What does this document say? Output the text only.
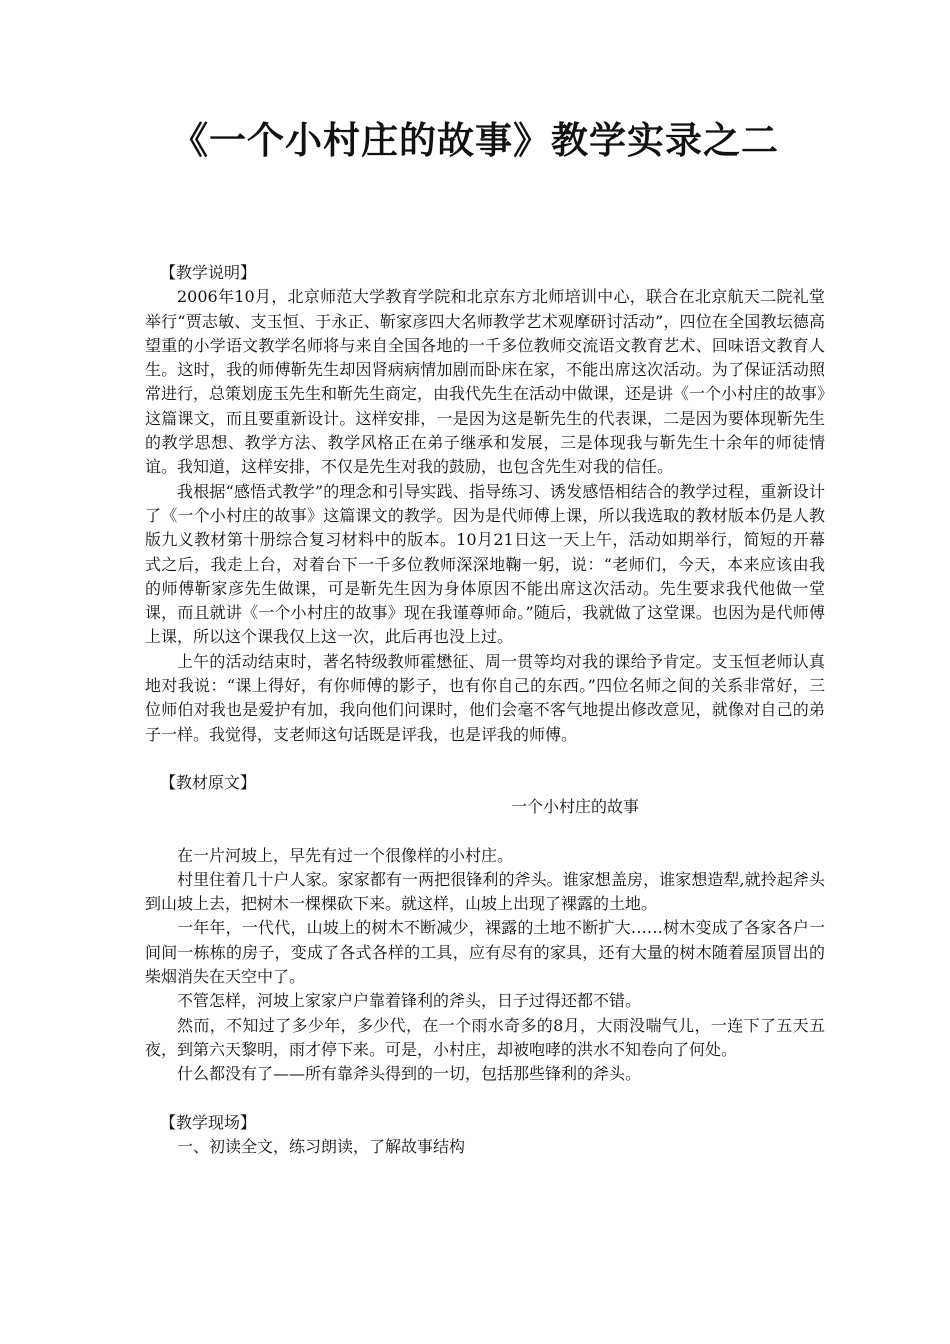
《一个小村庄的故事》教学实录之二

【教学说明】

2006年10月，北京师范大学教育学院和北京东方北师培训中心，联合在北京航天二院礼堂举行“贾志敏、支玉恒、于永正、靳家彦四大名师教学艺术观摩研讨活动”，四位在全国教坛德高望重的小学语文教学名师将与来自全国各地的一千多位教师交流语文教育艺术、回味语文教育人生。这时，我的师傅靳先生却因肾病病情加剧而卧床在家，不能出席这次活动。为了保证活动照常进行，总策划庞玉先生和靳先生商定，由我代先生在活动中做课，还是讲《一个小村庄的故事》这篇课文，而且要重新设计。这样安排，一是因为这是靳先生的代表课，二是因为要体现靳先生的教学思想、教学方法、教学风格正在弟子继承和发展，三是体现我与靳先生十余年的师徒情谊。我知道，这样安排，不仅是先生对我的鼓励，也包含先生对我的信任。

我根据“感悟式教学”的理念和引导实践、指导练习、诱发感悟相结合的教学过程，重新设计了《一个小村庄的故事》这篇课文的教学。因为是代师傅上课，所以我选取的教材版本仍是人教版九义教材第十册综合复习材料中的版本。10月21日这一天上午，活动如期举行，简短的开幕式之后，我走上台，对着台下一千多位教师深深地鞠一躬，说：“老师们，今天，本来应该由我的师傅靳家彦先生做课，可是靳先生因为身体原因不能出席这次活动。先生要求我代他做一堂课，而且就讲《一个小村庄的故事》现在我谨尊师命。”随后，我就做了这堂课。也因为是代师傅上课，所以这个课我仅上这一次，此后再也没上过。

上午的活动结束时，著名特级教师霍懋征、周一贯等均对我的课给予肯定。支玉恒老师认真地对我说：“课上得好，有你师傅的影子，也有你自己的东西。”四位名师之间的关系非常好，三位师伯对我也是爱护有加，我向他们问课时，他们会毫不客气地提出修改意见，就像对自己的弟子一样。我觉得，支老师这句话既是评我，也是评我的师傅。

【教材原文】

一个小村庄的故事

在一片河坡上，早先有过一个很像样的小村庄。

村里住着几十户人家。家家都有一两把很锋利的斧头。谁家想盖房，谁家想造犁,就拎起斧头到山坡上去，把树木一棵棵砍下来。就这样，山坡上出现了裸露的土地。

一年年，一代代，山坡上的树木不断减少，裸露的土地不断扩大……树木变成了各家各户一间间一栋栋的房子，变成了各式各样的工具，应有尽有的家具，还有大量的树木随着屋顶冒出的柴烟消失在天空中了。

不管怎样，河坡上家家户户靠着锋利的斧头，日子过得还都不错。

然而，不知过了多少年，多少代，在一个雨水奇多的8月，大雨没喘气儿，一连下了五天五夜，到第六天黎明，雨才停下来。可是，小村庄，却被咆哮的洪水不知卷向了何处。

什么都没有了——所有靠斧头得到的一切，包括那些锋利的斧头。

【教学现场】

一、初读全文，练习朗读，了解故事结构
